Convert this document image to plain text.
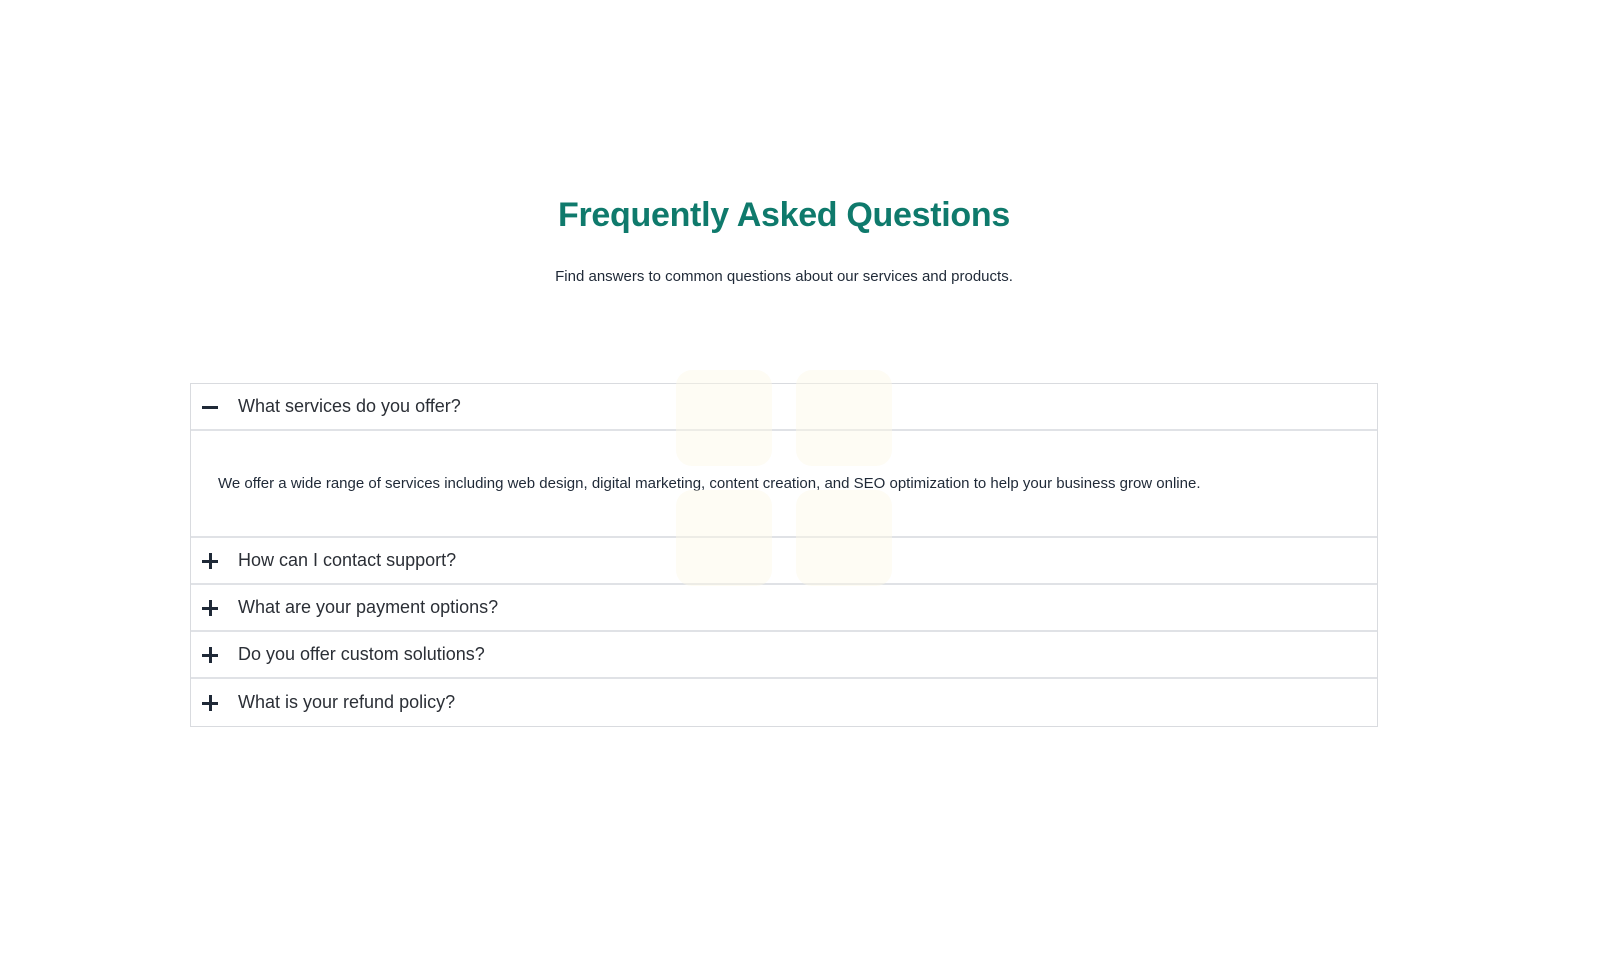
Frequently Asked Questions
Find answers to common questions about our services and products.
What services do you offer?
We offer a wide range of services including web design, digital marketing, content creation, and SEO optimization to help your business grow online.
How can I contact support?
What are your payment options?
Do you offer custom solutions?
What is your refund policy?
